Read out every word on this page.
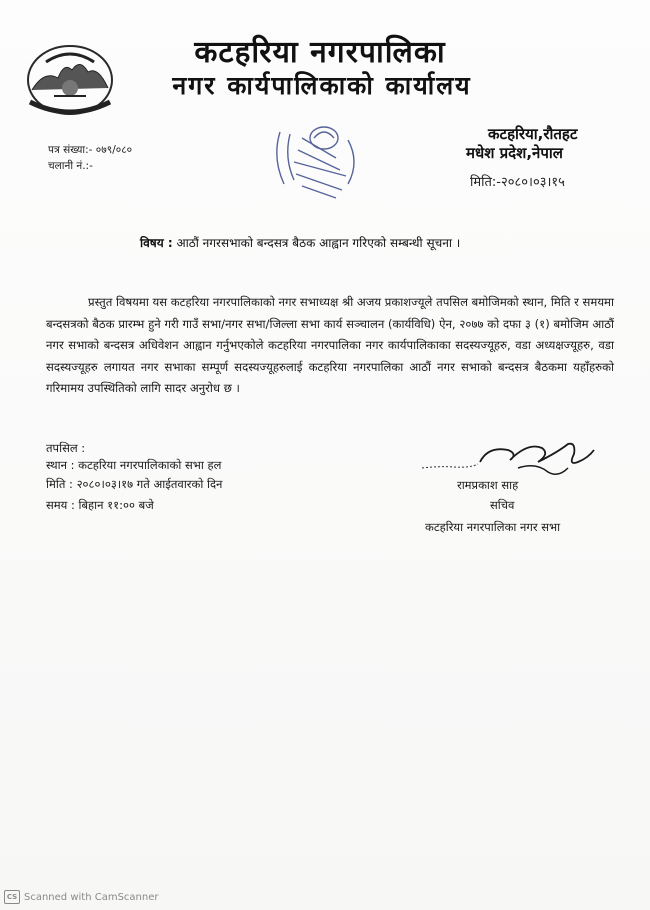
कटहरिया नगरपालिका
नगर कार्यपालिकाको कार्यालय
पत्र संख्या:- ०७९/०८०
चलानी नं.:-
कटहरिया,रौतहट
मधेश प्रदेश,नेपाल
मिति:-२०८०।०३।१५
विषय : आठौं नगरसभाको बन्दसत्र बैठक आह्वान गरिएको सम्बन्धी सूचना ।

प्रस्तुत विषयमा यस कटहरिया नगरपालिकाको नगर सभाध्यक्ष श्री अजय प्रकाशज्यूले तपसिल बमोजिमको स्थान, मिति र समयमा बन्दसत्रको बैठक प्रारम्भ हुने गरी गाउँ सभा/नगर सभा/जिल्ला सभा कार्य सञ्चालन (कार्यविधि) ऐन, २०७७ को दफा ३ (१) बमोजिम आठौं नगर सभाको बन्दसत्र अधिवेशन आह्वान गर्नुभएकोले कटहरिया नगरपालिका नगर कार्यपालिकाका सदस्यज्यूहरु, वडा अध्यक्षज्यूहरु, वडा सदस्यज्यूहरु लगायत नगर सभाका सम्पूर्ण सदस्यज्यूहरुलाई कटहरिया नगरपालिका आठौं नगर सभाको बन्दसत्र बैठकमा यहाँहरुको गरिमामय उपस्थितिको लागि सादर अनुरोध छ ।

तपसिल :
स्थान : कटहरिया नगरपालिकाको सभा हल
मिति : २०८०।०३।१७ गते आईतवारको दिन
समय : बिहान ११:०० बजे
रामप्रकाश साह
सचिव
कटहरिया नगरपालिका नगर सभा
CS Scanned with CamScanner
